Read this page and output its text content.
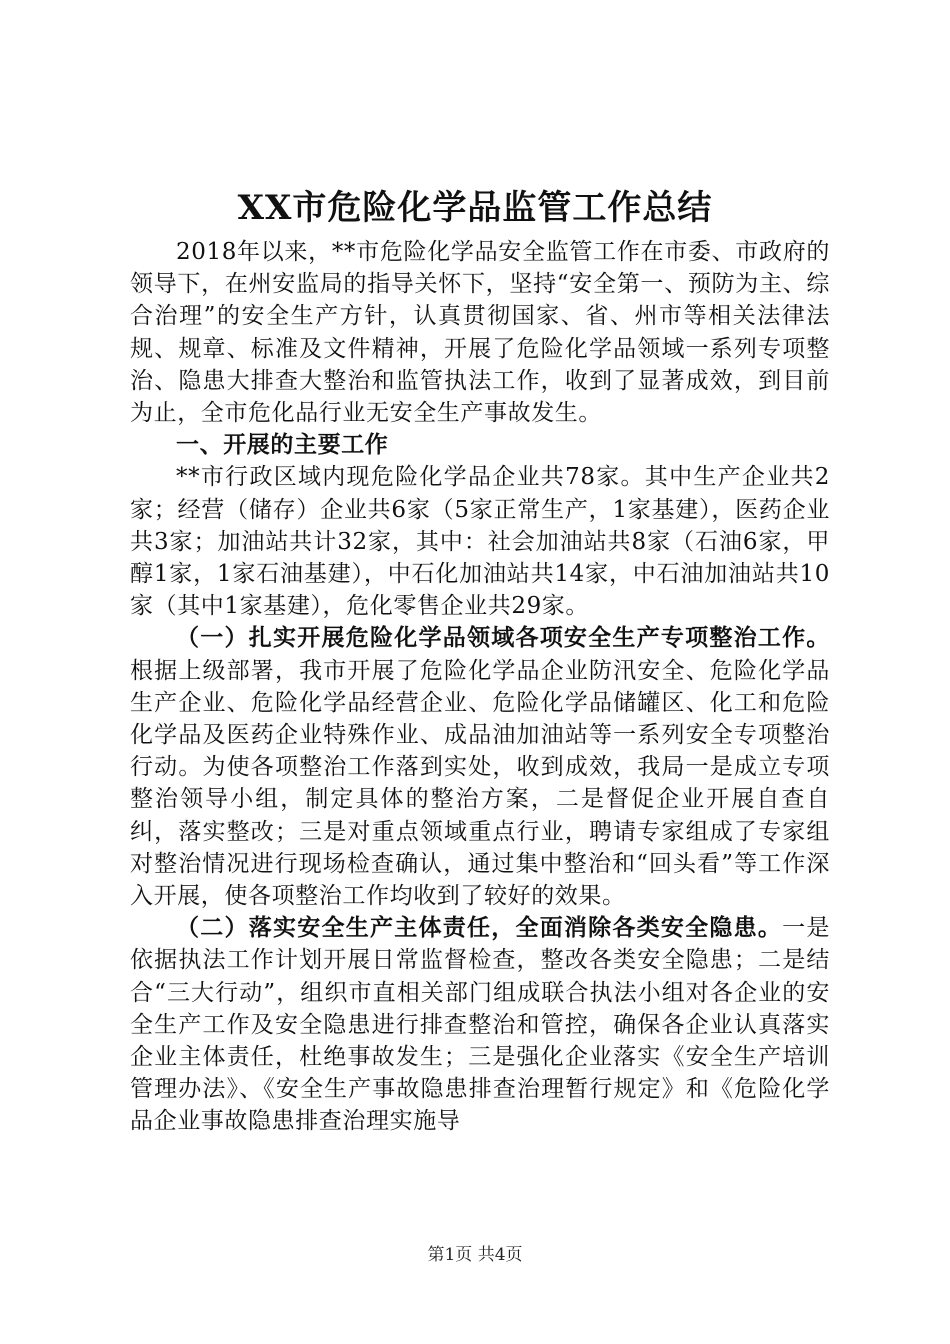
XX市危险化学品监管工作总结

2018年以来，**市危险化学品安全监管工作在市委、市政府的领导下，在州安监局的指导关怀下，坚持“安全第一、预防为主、综合治理”的安全生产方针，认真贯彻国家、省、州市等相关法律法规、规章、标准及文件精神，开展了危险化学品领域一系列专项整治、隐患大排查大整治和监管执法工作，收到了显著成效，到目前为止，全市危化品行业无安全生产事故发生。

一、开展的主要工作

**市行政区域内现危险化学品企业共78家。其中生产企业共2家；经营（储存）企业共6家（5家正常生产，1家基建），医药企业共3家；加油站共计32家，其中：社会加油站共8家（石油6家，甲醇1家，1家石油基建），中石化加油站共14家，中石油加油站共10家（其中1家基建），危化零售企业共29家。

（一）扎实开展危险化学品领域各项安全生产专项整治工作。根据上级部署，我市开展了危险化学品企业防汛安全、危险化学品生产企业、危险化学品经营企业、危险化学品储罐区、化工和危险化学品及医药企业特殊作业、成品油加油站等一系列安全专项整治行动。为使各项整治工作落到实处，收到成效，我局一是成立专项整治领导小组，制定具体的整治方案，二是督促企业开展自查自纠，落实整改；三是对重点领域重点行业，聘请专家组成了专家组对整治情况进行现场检查确认，通过集中整治和“回头看”等工作深入开展，使各项整治工作均收到了较好的效果。

（二）落实安全生产主体责任，全面消除各类安全隐患。一是依据执法工作计划开展日常监督检查，整改各类安全隐患；二是结合“三大行动”，组织市直相关部门组成联合执法小组对各企业的安全生产工作及安全隐患进行排查整治和管控，确保各企业认真落实企业主体责任，杜绝事故发生；三是强化企业落实《安全生产培训管理办法》、《安全生产事故隐患排查治理暂行规定》和《危险化学品企业事故隐患排查治理实施导

第1页 共4页
